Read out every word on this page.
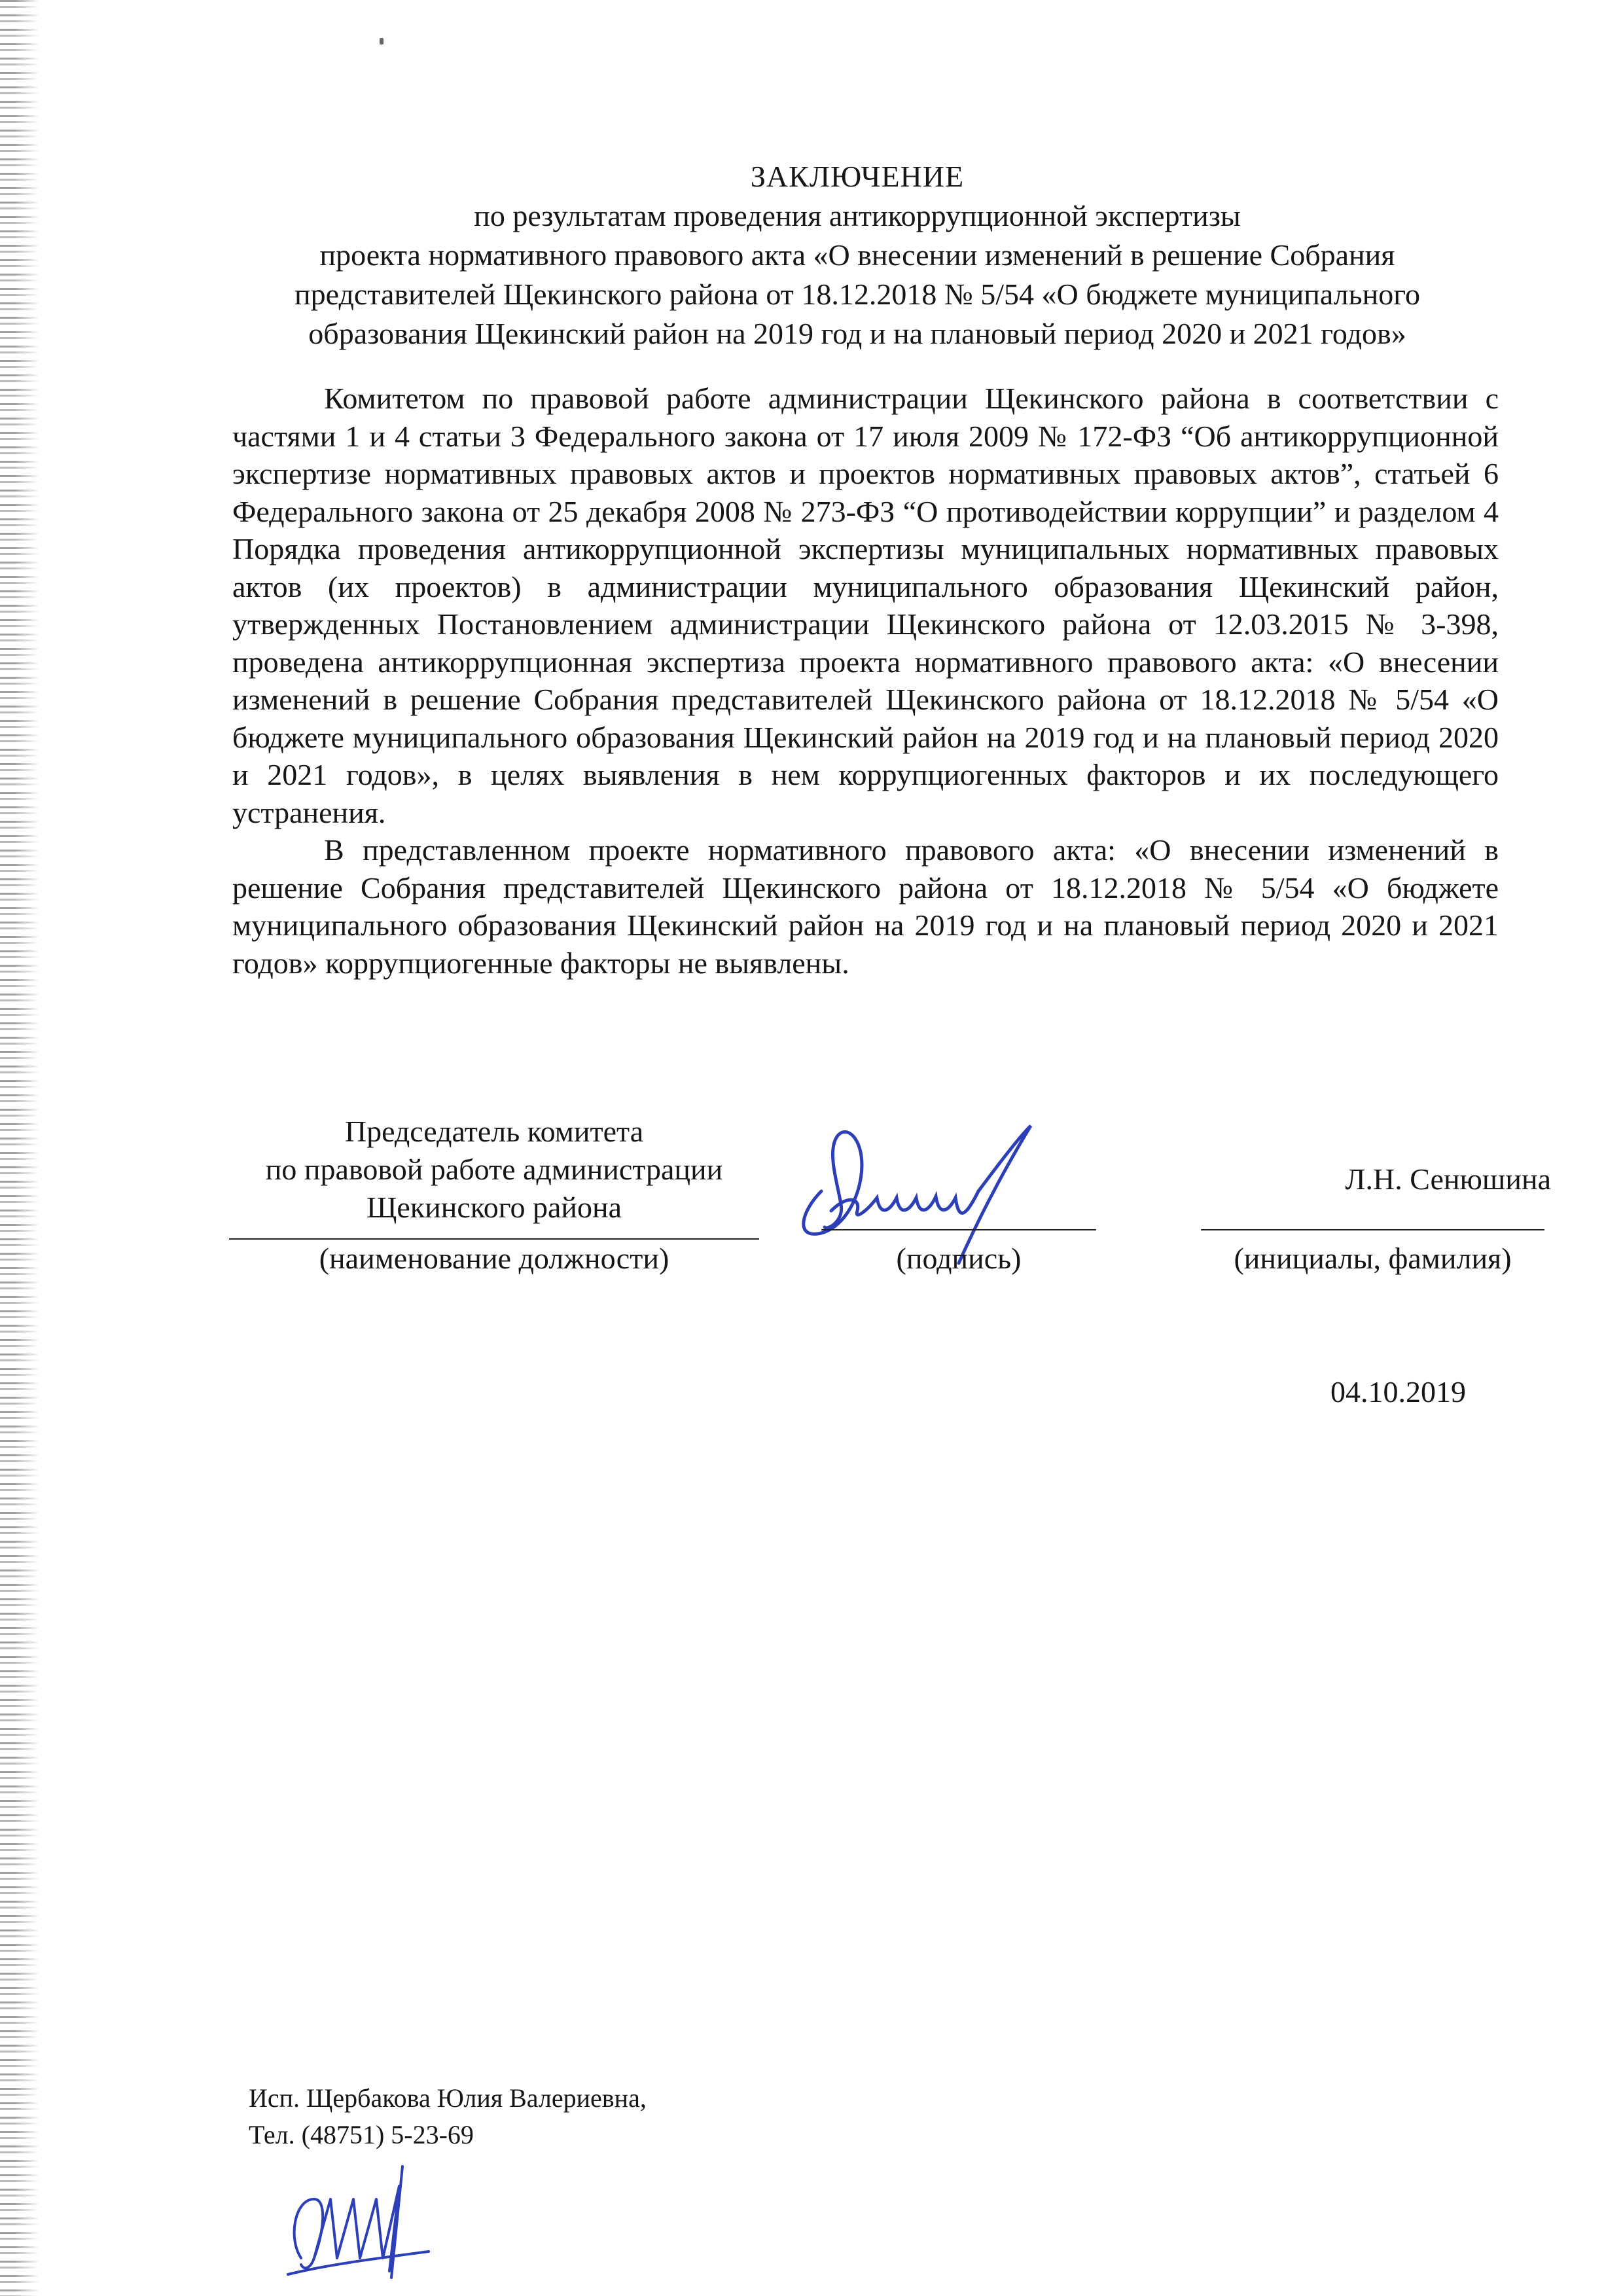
ЗАКЛЮЧЕНИЕ
по результатам проведения антикоррупционной экспертизы
проекта нормативного правового акта «О внесении изменений в решение Собрания
представителей Щекинского района от 18.12.2018 № 5/54 «О бюджете муниципального
образования Щекинский район на 2019 год и на плановый период 2020 и 2021 годов»

Комитетом по правовой работе администрации Щекинского района в соответствии с частями 1 и 4 статьи 3 Федерального закона от 17 июля 2009 № 172-ФЗ “Об антикоррупционной экспертизе нормативных правовых актов и проектов нормативных правовых актов”, статьей 6 Федерального закона от 25 декабря 2008 № 273-ФЗ “О противодействии коррупции” и разделом 4 Порядка проведения антикоррупционной экспертизы муниципальных нормативных правовых актов (их проектов) в администрации муниципального образования Щекинский район, утвержденных Постановлением администрации Щекинского района от 12.03.2015 № 3-398, проведена антикоррупционная экспертиза проекта нормативного правового акта: «О внесении изменений в решение Собрания представителей Щекинского района от 18.12.2018 № 5/54 «О бюджете муниципального образования Щекинский район на 2019 год и на плановый период 2020 и 2021 годов», в целях выявления в нем коррупциогенных факторов и их последующего устранения.

В представленном проекте нормативного правового акта: «О внесении изменений в решение Собрания представителей Щекинского района от 18.12.2018 № 5/54 «О бюджете муниципального образования Щекинский район на 2019 год и на плановый период 2020 и 2021 годов» коррупциогенные факторы не выявлены.

Председатель комитета
по правовой работе администрации
Щекинского района
(наименование должности)	(подпись)
Л.Н. Сенюшина
(инициалы, фамилия)
04.10.2019
Исп. Щербакова Юлия Валериевна,
Тел. (48751) 5-23-69
